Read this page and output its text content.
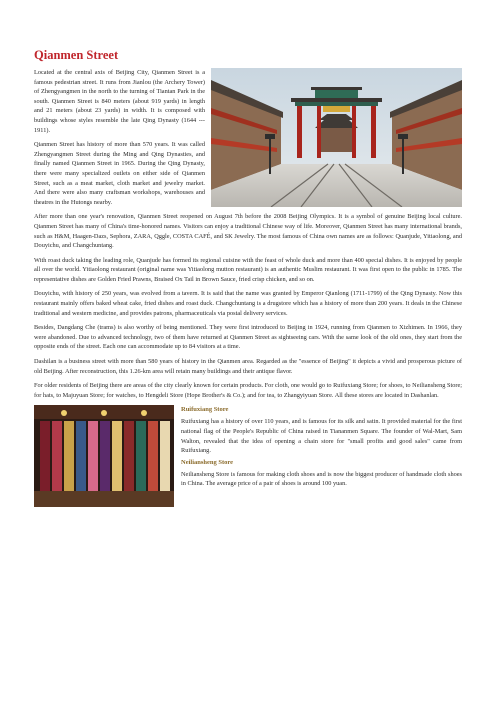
Qianmen Street

Located at the central axis of Beijing City, Qianmen Street is a famous pedestrian street. It runs from Jianlou (the Archery Tower) of Zhengyangmen in the north to the turning of Tiantan Park in the south. Qianmen Street is 840 meters (about 919 yards) in length and 21 meters (about 23 yards) in width. It is composed with buildings whose styles resemble the late Qing Dynasty (1644 --- 1911).

Qianmen Street has history of more than 570 years. It was called Zhengyangmen Street during the Ming and Qing Dynasties, and finally named Qianmen Street in 1965. During the Qing Dynasty, there were many specialized outlets on either side of Qianmen Street, such as a meat market, cloth market and jewelry market. And there were also many craftsman workshops, warehouses and theatres in the Hutongs nearby.

After more than one year's renovation, Qianmen Street reopened on August 7th before the 2008 Beijing Olympics. It is a symbol of genuine Beijing local culture. Qianmen Street has many of China's time-honored names. Visitors can enjoy a traditional Chinese way of life. Moreover, Qianmen Street has many international brands, such as H&M, Haagen-Dazs, Sephora, ZARA, Qggle, COSTA CAFÉ, and SK Jewelry. The most famous of China own names are as follows: Quanjude, Yitiaolong, and Douyichu, and Changchuntang.

With roast duck taking the leading role, Quanjude has formed its regional cuisine with the feast of whole duck and more than 400 special dishes. It is enjoyed by people all over the world. Yitiaolong restaurant (original name was Yitiaolong mutton restaurant) is an authentic Muslim restaurant. It was first open to the public in 1785. The representative dishes are Golden Fried Prawns, Braised Ox Tail in Brown Sauce, fried crisp chicken, and so on.

Douyichu, with history of 250 years, was evolved from a tavern. It is said that the name was granted by Emperor Qianlong (1711-1799) of the Qing Dynasty. Now this restaurant mainly offers baked wheat cake, fried dishes and roast duck. Changchuntang is a drugstore which has a history of more than 200 years. It deals in the Chinese traditional and western medicine, and provides patrons, pharmaceuticals via postal delivery services.

Besides, Dangdang Che (trams) is also worthy of being mentioned. They were first introduced to Beijing in 1924, running from Qianmen to Xizhimen. In 1966, they were abandoned. Due to advanced technology, two of them have returned at Qianmen Street as sightseeing cars. With the same look of the old ones, they start from the opposite ends of the street. Each one can accommodate up to 84 visitors at a time.

Dashilan is a business street with more than 580 years of history in the Qianmen area. Regarded as the "essence of Beijing" it depicts a vivid and prosperous picture of old Beijing. After reconstruction, this 1.26-km area will retain many buildings and their antique flavor.

For older residents of Beijing there are areas of the city clearly known for certain products. For cloth, one would go to Ruifuxiang Store; for shoes, to Neiliansheng Store; for hats, to Majuyuan Store; for watches, to Hengdeli Store (Hope Brother's & Co.); and for tea, to Zhangyiyuan Store. All these stores are located in Dashanlan.

Ruifuxiang Store

Ruifuxiang has a history of over 110 years, and is famous for its silk and satin. It provided material for the first national flag of the People's Republic of China raised in Tiananmen Square. The founder of Wal-Mart, Sam Walton, revealed that the idea of opening a chain store for "small profits and good sales" came from Ruifuxiang.

Neiliansheng Store

Neiliansheng Store is famous for making cloth shoes and is now the biggest producer of handmade cloth shoes in China. The average price of a pair of shoes is around 100 yuan.
